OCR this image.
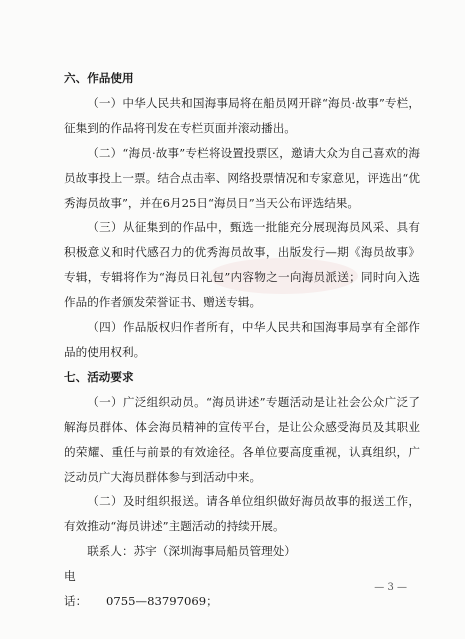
六、作品使用

（一）中华人民共和国海事局将在船员网开辟“海员·故事”专栏，征集到的作品将刊发在专栏页面并滚动播出。

（二）“海员·故事”专栏将设置投票区，邀请大众为自己喜欢的海员故事投上一票。结合点击率、网络投票情况和专家意见，评选出“优秀海员故事”，并在6月25日“海员日”当天公布评选结果。

（三）从征集到的作品中，甄选一批能充分展现海员风采、具有积极意义和时代感召力的优秀海员故事，出版发行—期《海员故事》专辑，专辑将作为“海员日礼包”内容物之一向海员派送；同时向入选作品的作者颁发荣誉证书、赠送专辑。

（四）作品版权归作者所有，中华人民共和国海事局享有全部作品的使用权利。

七、活动要求

（一）广泛组织动员。“海员讲述”专题活动是让社会公众广泛了解海员群体、体会海员精神的宣传平台，是让公众感受海员及其职业的荣耀、重任与前景的有效途径。各单位要高度重视，认真组织，广泛动员广大海员群体参与到活动中来。

（二）及时组织报送。请各单位组织做好海员故事的报送工作，有效推动“海员讲述”主题活动的持续开展。

联系人：苏宇（深圳海事局船员管理处）

电　话： 0755—83797069；

— 3 —
